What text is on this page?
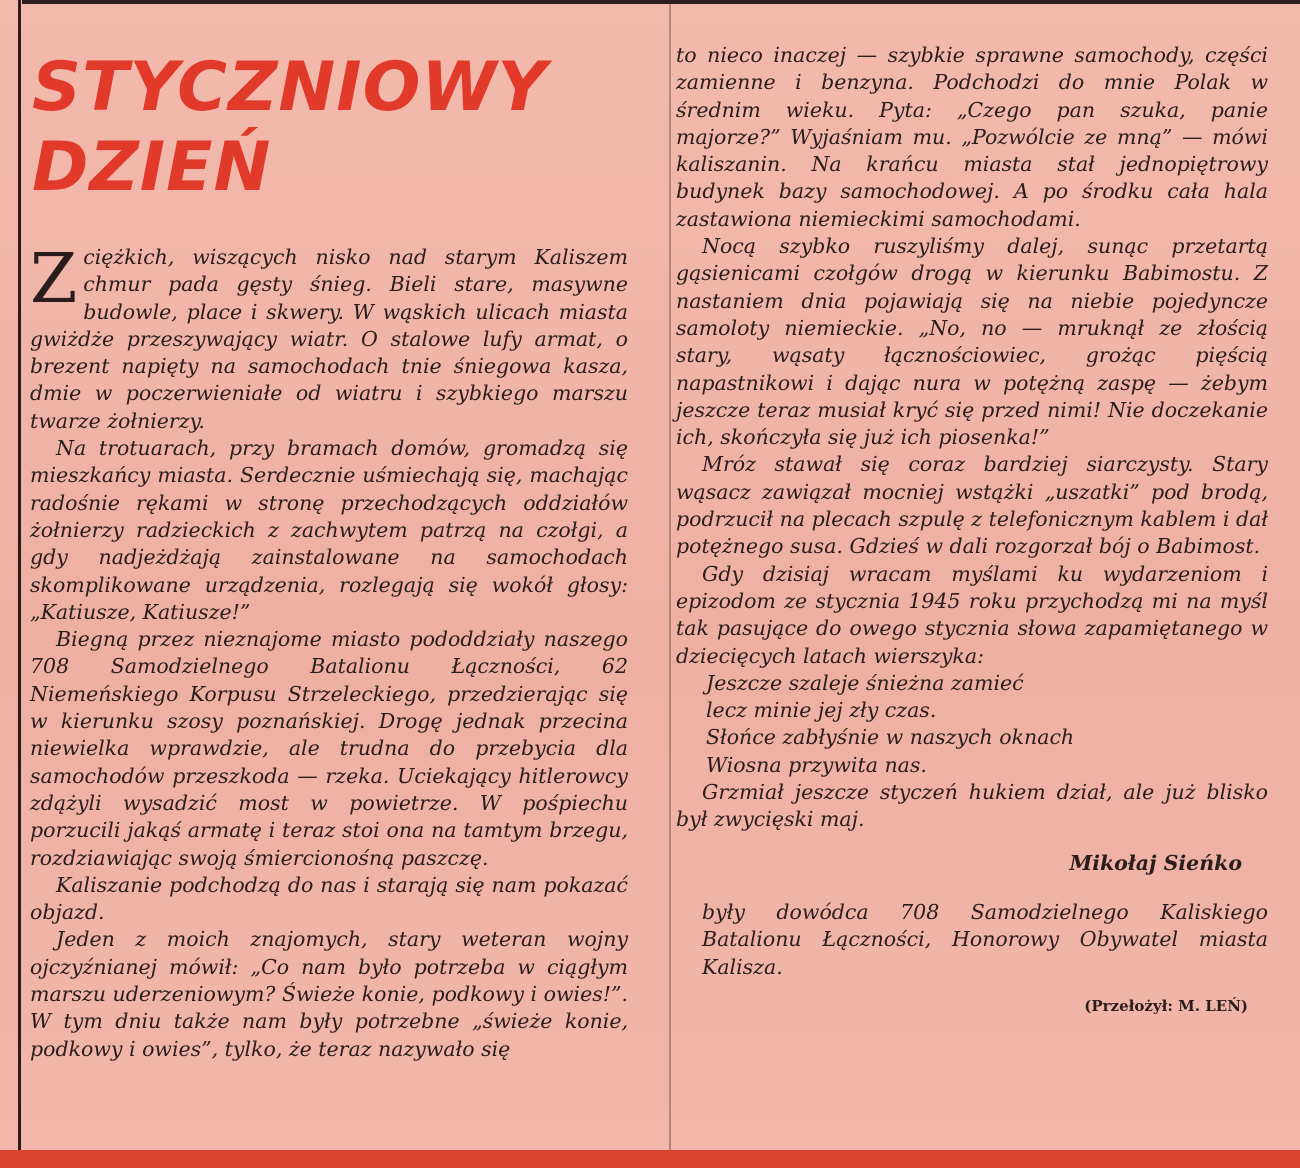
STYCZNIOWY
DZIEŃ

Z ciężkich, wiszących nisko nad starym Kaliszem chmur pada gęsty śnieg. Bieli stare, masywne budowle, place i skwery. W wąskich ulicach miasta gwiżdże przeszywający wiatr. O stalowe lufy armat, o brezent napięty na samochodach tnie śniegowa kasza, dmie w poczerwieniałe od wiatru i szybkiego marszu twarze żołnierzy.

Na trotuarach, przy bramach domów, gromadzą się mieszkańcy miasta. Serdecznie uśmiechają się, machając radośnie rękami w stronę przechodzących oddziałów żołnierzy radzieckich z zachwytem patrzą na czołgi, a gdy nadjeżdżają zainstalowane na samochodach skomplikowane urządzenia, rozlegają się wokół głosy: „Katiusze, Katiusze!”

Biegną przez nieznajome miasto pododdziały naszego 708 Samodzielnego Batalionu Łączności, 62 Niemeńskiego Korpusu Strzeleckiego, przedzierając się w kierunku szosy poznańskiej. Drogę jednak przecina niewielka wprawdzie, ale trudna do przebycia dla samochodów przeszkoda — rzeka. Uciekający hitlerowcy zdążyli wysadzić most w powietrze. W pośpiechu porzucili jakąś armatę i teraz stoi ona na tamtym brzegu, rozdziawiając swoją śmiercionośną paszczę.

Kaliszanie podchodzą do nas i starają się nam pokazać objazd.

Jeden z moich znajomych, stary weteran wojny ojczyźnianej mówił: „Co nam było potrzeba w ciągłym marszu uderzeniowym? Świeże konie, podkowy i owies!”. W tym dniu także nam były potrzebne „świeże konie, podkowy i owies”, tylko, że teraz nazywało się

to nieco inaczej — szybkie sprawne samochody, części zamienne i benzyna. Podchodzi do mnie Polak w średnim wieku. Pyta: „Czego pan szuka, panie majorze?” Wyjaśniam mu. „Pozwólcie ze mną” — mówi kaliszanin. Na krańcu miasta stał jednopiętrowy budynek bazy samochodowej. A po środku cała hala zastawiona niemieckimi samochodami.

Nocą szybko ruszyliśmy dalej, sunąc przetartą gąsienicami czołgów drogą w kierunku Babimostu. Z nastaniem dnia pojawiają się na niebie pojedyncze samoloty niemieckie. „No, no — mruknął ze złością stary, wąsaty łącznościowiec, grożąc pięścią napastnikowi i dając nura w potężną zaspę — żebym jeszcze teraz musiał kryć się przed nimi! Nie doczekanie ich, skończyła się już ich piosenka!”

Mróz stawał się coraz bardziej siarczysty. Stary wąsacz zawiązał mocniej wstążki „uszatki” pod brodą, podrzucił na plecach szpulę z telefonicznym kablem i dał potężnego susa. Gdzieś w dali rozgorzał bój o Babimost.

Gdy dzisiaj wracam myślami ku wydarzeniom i epizodom ze stycznia 1945 roku przychodzą mi na myśl tak pasujące do owego stycznia słowa zapamiętanego w dziecięcych latach wierszyka:

Jeszcze szaleje śnieżna zamieć
lecz minie jej zły czas.
Słońce zabłyśnie w naszych oknach
Wiosna przywita nas.

Grzmiał jeszcze styczeń hukiem dział, ale już blisko był zwycięski maj.

Mikołaj Sieńko
były dowódca 708 Samodzielnego Kaliskiego Batalionu Łączności, Honorowy Obywatel miasta Kalisza.
(Przełożył: M. LEŃ)
